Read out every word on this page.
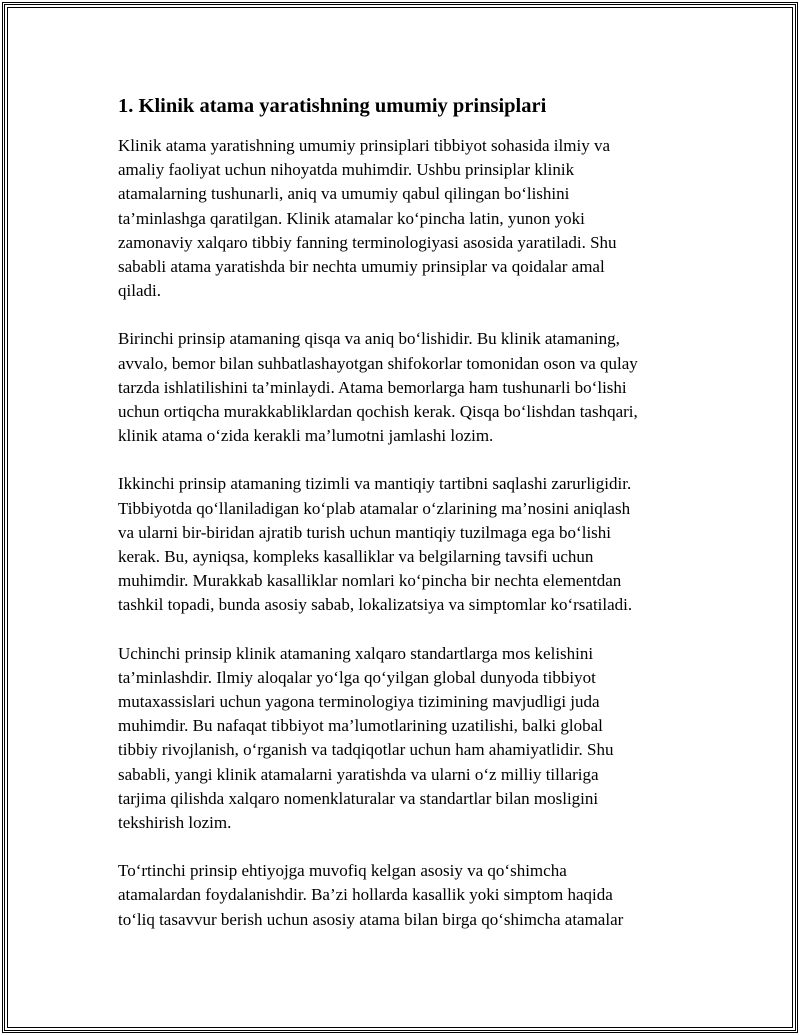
1. Klinik atama yaratishning umumiy prinsiplari

Klinik atama yaratishning umumiy prinsiplari tibbiyot sohasida ilmiy va
amaliy faoliyat uchun nihoyatda muhimdir. Ushbu prinsiplar klinik
atamalarning tushunarli, aniq va umumiy qabul qilingan bo‘lishini
ta’minlashga qaratilgan. Klinik atamalar ko‘pincha latin, yunon yoki
zamonaviy xalqaro tibbiy fanning terminologiyasi asosida yaratiladi. Shu
sababli atama yaratishda bir nechta umumiy prinsiplar va qoidalar amal
qiladi.

Birinchi prinsip atamaning qisqa va aniq bo‘lishidir. Bu klinik atamaning,
avvalo, bemor bilan suhbatlashayotgan shifokorlar tomonidan oson va qulay
tarzda ishlatilishini ta’minlaydi. Atama bemorlarga ham tushunarli bo‘lishi
uchun ortiqcha murakkabliklardan qochish kerak. Qisqa bo‘lishdan tashqari,
klinik atama o‘zida kerakli ma’lumotni jamlashi lozim.

Ikkinchi prinsip atamaning tizimli va mantiqiy tartibni saqlashi zarurligidir.
Tibbiyotda qo‘llaniladigan ko‘plab atamalar o‘zlarining ma’nosini aniqlash
va ularni bir-biridan ajratib turish uchun mantiqiy tuzilmaga ega bo‘lishi
kerak. Bu, ayniqsa, kompleks kasalliklar va belgilarning tavsifi uchun
muhimdir. Murakkab kasalliklar nomlari ko‘pincha bir nechta elementdan
tashkil topadi, bunda asosiy sabab, lokalizatsiya va simptomlar ko‘rsatiladi.

Uchinchi prinsip klinik atamaning xalqaro standartlarga mos kelishini
ta’minlashdir. Ilmiy aloqalar yo‘lga qo‘yilgan global dunyoda tibbiyot
mutaxassislari uchun yagona terminologiya tizimining mavjudligi juda
muhimdir. Bu nafaqat tibbiyot ma’lumotlarining uzatilishi, balki global
tibbiy rivojlanish, o‘rganish va tadqiqotlar uchun ham ahamiyatlidir. Shu
sababli, yangi klinik atamalarni yaratishda va ularni o‘z milliy tillariga
tarjima qilishda xalqaro nomenklaturalar va standartlar bilan mosligini
tekshirish lozim.

To‘rtinchi prinsip ehtiyojga muvofiq kelgan asosiy va qo‘shimcha
atamalardan foydalanishdir. Ba’zi hollarda kasallik yoki simptom haqida
to‘liq tasavvur berish uchun asosiy atama bilan birga qo‘shimcha atamalar
